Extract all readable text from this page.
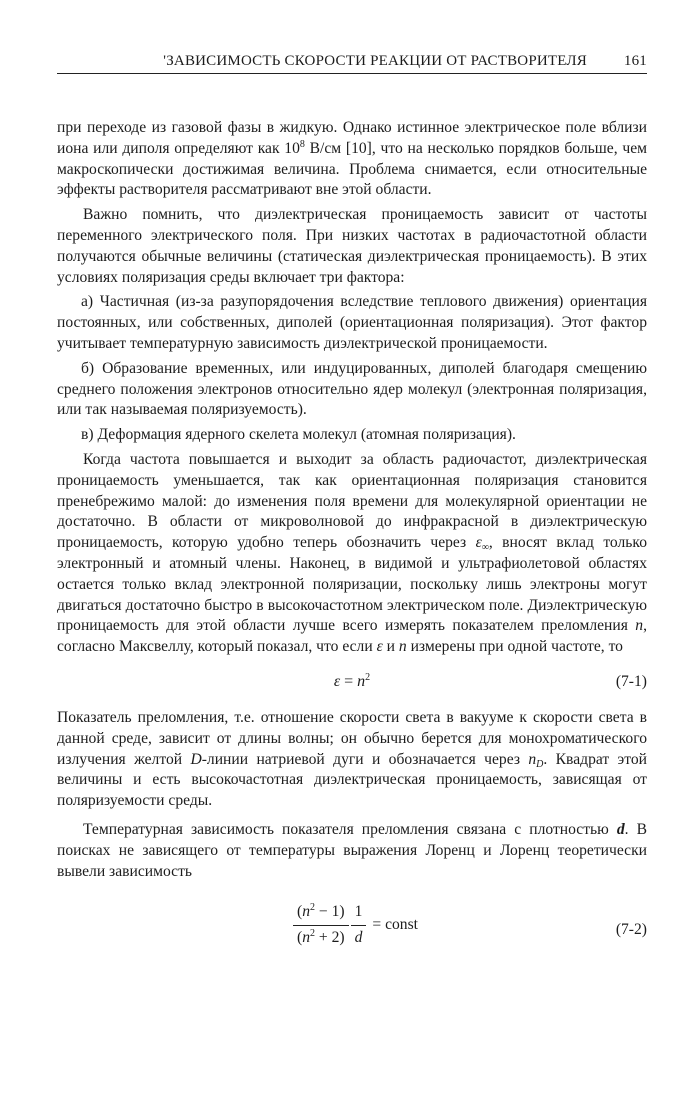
'ЗАВИСИМОСТЬ СКОРОСТИ РЕАКЦИИ ОТ РАСТВОРИТЕЛЯ 161

при переходе из газовой фазы в жидкую. Однако истинное электрическое поле вблизи иона или диполя определяют как $10^8$ В/см [10], что на несколько порядков больше, чем макроскопически достижимая величина. Проблема снимается, если относительные эффекты растворителя рассматривают вне этой области.

Важно помнить, что диэлектрическая проницаемость зависит от частоты переменного электрического поля. При низких частотах в радиочастотной области получаются обычные величины (статическая диэлектрическая проницаемость). В этих условиях поляризация среды включает три фактора:

а) Частичная (из-за разупорядочения вследствие теплового движения) ориентация постоянных, или собственных, диполей (ориентационная поляризация). Этот фактор учитывает температурную зависимость диэлектрической проницаемости.

б) Образование временных, или индуцированных, диполей благодаря смещению среднего положения электронов относительно ядер молекул (электронная поляризация, или так называемая поляризуемость).

в) Деформация ядерного скелета молекул (атомная поляризация).

Когда частота повышается и выходит за область радиочастот, диэлектрическая проницаемость уменьшается, так как ориентационная поляризация становится пренебрежимо малой: до изменения поля времени для молекулярной ориентации не достаточно. В области от микроволновой до инфракрасной в диэлектрическую проницаемость, которую удобно теперь обозначить через $\varepsilon_\infty$, вносят вклад только электронный и атомный члены. Наконец, в видимой и ультрафиолетовой областях остается только вклад электронной поляризации, поскольку лишь электроны могут двигаться достаточно быстро в высокочастотном электрическом поле. Диэлектрическую проницаемость для этой области лучше всего измерять показателем преломления n, согласно Максвеллу, который показал, что если ε и n измерены при одной частоте, то

$\varepsilon = n^2$	(7-1)

Показатель преломления, т.е. отношение скорости света в вакууме к скорости света в данной среде, зависит от длины волны; он обычно берется для монохроматического излучения желтой D-линии натриевой дуги и обозначается через $n_D$. Квадрат этой величины и есть высокочастотная диэлектрическая проницаемость, зависящая от поляризуемости среды.

Температурная зависимость показателя преломления связана с плотностью d. В поисках не зависящего от температуры выражения Лоренц и Лоренц теоретически вывели зависимость

$\frac{(n^2 - 1)}{(n^2 + 2)} \frac{1}{d}$ = const	(7-2)
